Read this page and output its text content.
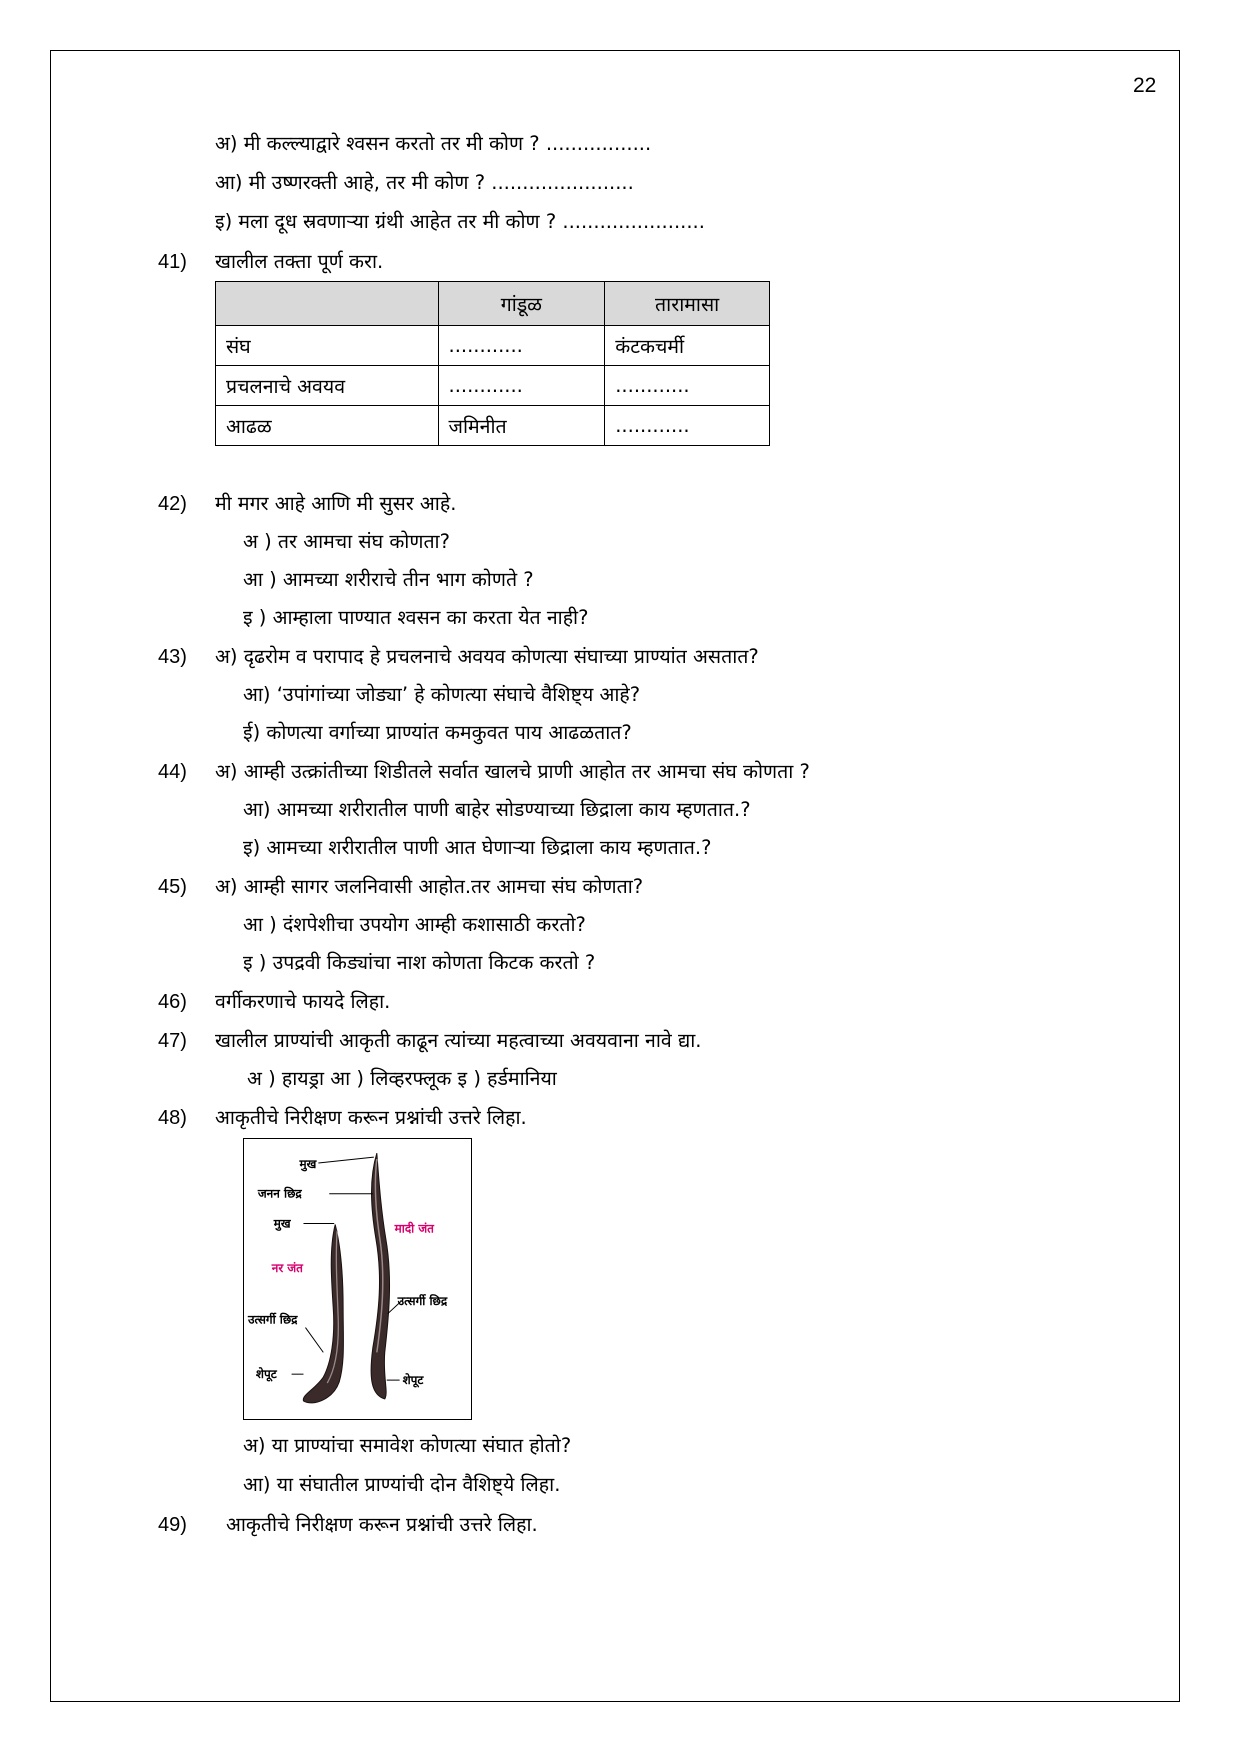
22
अ) मी कल्ल्याद्वारे श्वसन करतो तर मी कोण ? .................
आ) मी उष्णरक्ती आहे, तर मी कोण ? .......................
इ) मला दूध स्रवणाऱ्या ग्रंथी आहेत तर मी कोण ? .......................
41) खालील तक्ता पूर्ण करा.
	गांडूळ	तारामासा
संघ	............	कंटकचर्मी
प्रचलनाचे अवयव	............	............
आढळ	जमिनीत	............
42) मी मगर आहे आणि मी सुसर आहे.
अ ) तर आमचा संघ कोणता?
आ ) आमच्या शरीराचे तीन भाग कोणते ?
इ ) आम्हाला पाण्यात श्वसन का करता येत नाही?
43) अ) दृढरोम व परापाद हे प्रचलनाचे अवयव कोणत्या संघाच्या प्राण्यांत असतात?
आ) ‘उपांगांच्या जोड्या’ हे कोणत्या संघाचे वैशिष्ट्य आहे?
ई) कोणत्या वर्गाच्या प्राण्यांत कमकुवत पाय आढळतात?
44) अ) आम्ही उत्क्रांतीच्या शिडीतले सर्वात खालचे प्राणी आहोत तर आमचा संघ कोणता ?
आ) आमच्या शरीरातील पाणी बाहेर सोडण्याच्या छिद्राला काय म्हणतात.?
इ) आमच्या शरीरातील पाणी आत घेणाऱ्या छिद्राला काय म्हणतात.?
45) अ) आम्ही सागर जलनिवासी आहोत.तर आमचा संघ कोणता?
आ ) दंशपेशीचा उपयोग आम्ही कशासाठी करतो?
इ ) उपद्रवी किड्यांचा नाश कोणता किटक करतो ?
46) वर्गीकरणाचे फायदे लिहा.
47) खालील प्राण्यांची आकृती काढून त्यांच्या महत्वाच्या अवयवाना नावे द्या.
अ ) हायड्रा आ ) लिव्हरफ्लूक इ ) हर्डमानिया
48) आकृतीचे निरीक्षण करून प्रश्नांची उत्तरे लिहा.
मुख
जनन छिद्र
मुख	मादी जंत
नर जंत
उत्सर्गी छिद्र
उत्सर्गी छिद्र
शेपूट	शेपूट
अ) या प्राण्यांचा समावेश कोणत्या संघात होतो?
आ) या संघातील प्राण्यांची दोन वैशिष्ट्ये लिहा.
49) आकृतीचे निरीक्षण करून प्रश्नांची उत्तरे लिहा.
